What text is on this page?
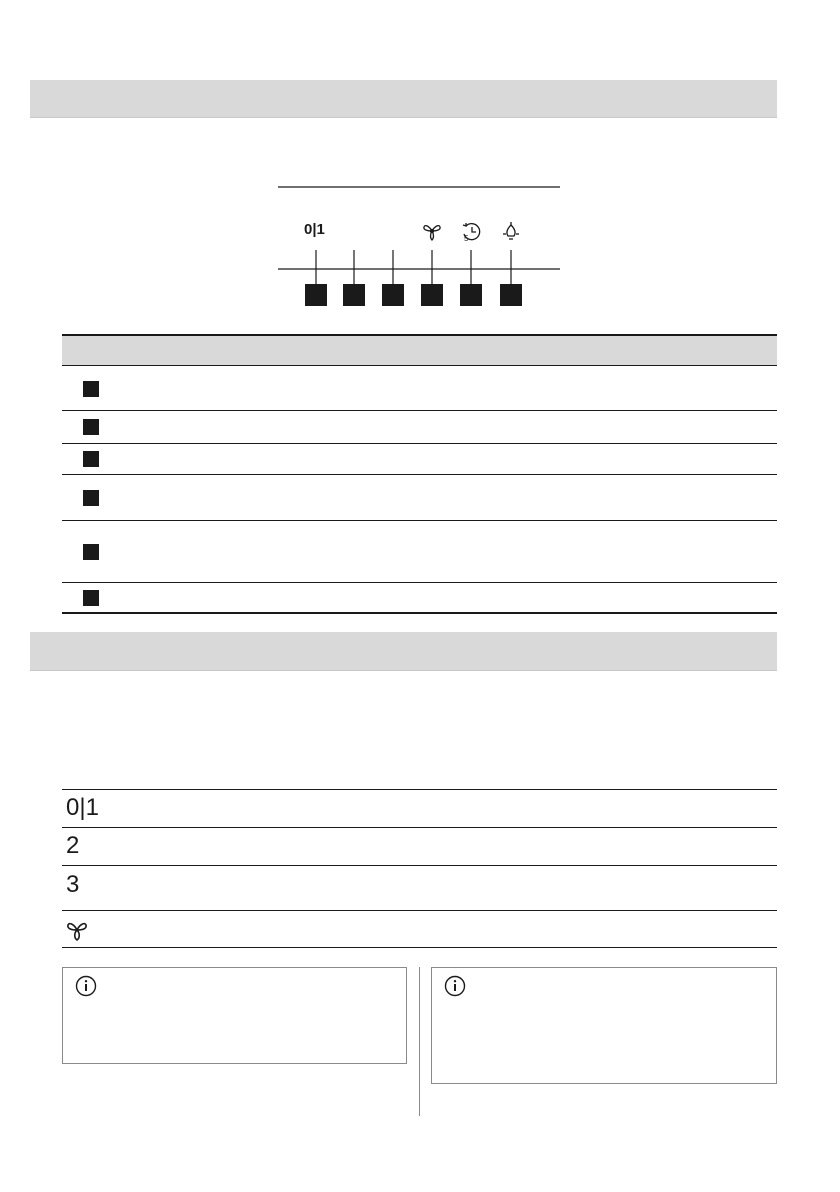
5
0|1
0|1
2
3
